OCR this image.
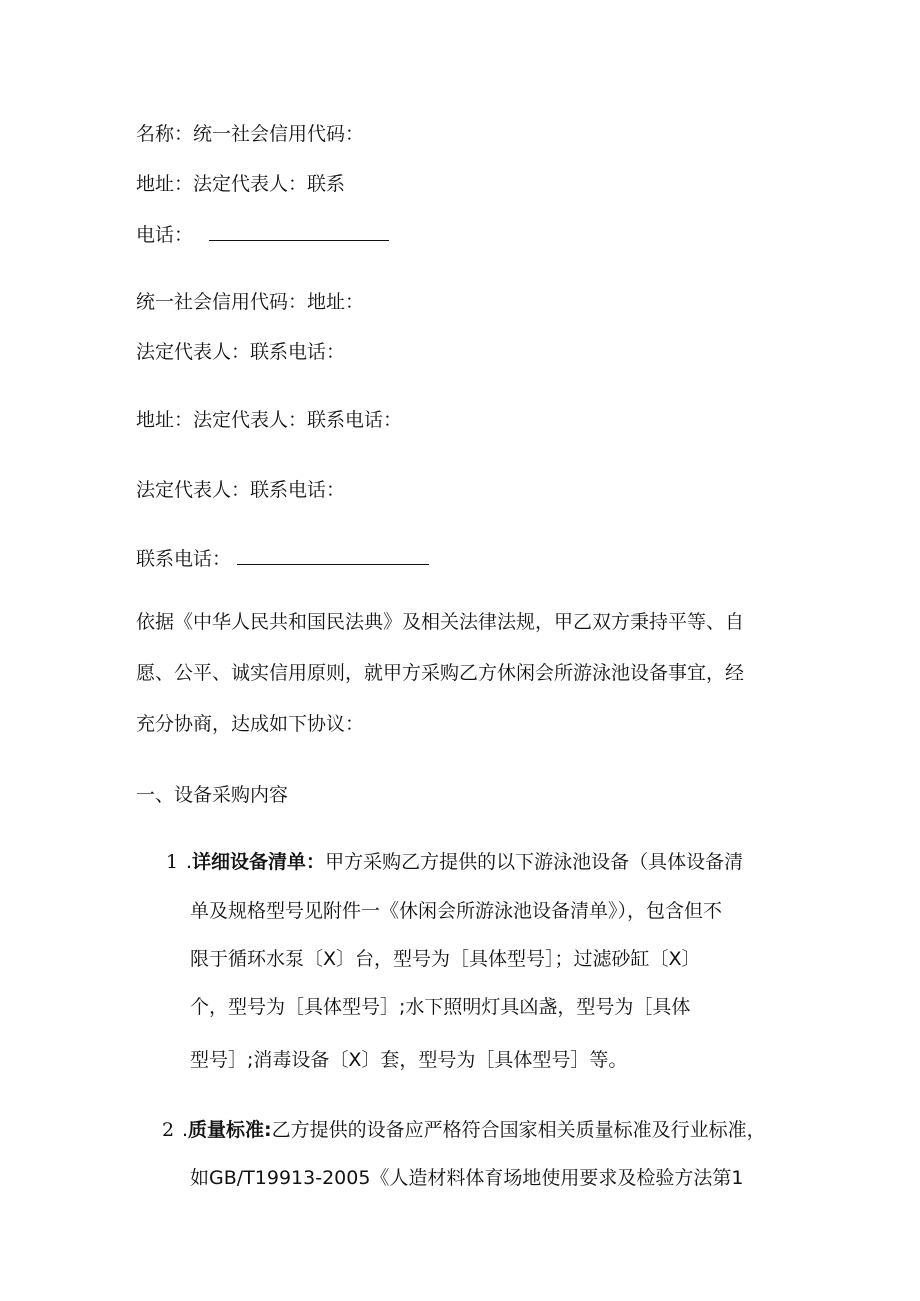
名称：统一社会信用代码：
地址：法定代表人：联系
电话：
统一社会信用代码：地址：
法定代表人：联系电话：
地址：法定代表人：联系电话：
法定代表人：联系电话：
联系电话：
依据《中华人民共和国民法典》及相关法律法规，甲乙双方秉持平等、自
愿、公平、诚实信用原则，就甲方采购乙方休闲会所游泳池设备事宜，经
充分协商，达成如下协议：
一、设备采购内容
1 .详细设备清单：甲方采购乙方提供的以下游泳池设备（具体设备清
单及规格型号见附件一《休闲会所游泳池设备清单》），包含但不
限于循环水泵〔X〕台，型号为［具体型号］；过滤砂缸〔X〕
个，型号为［具体型号］;水下照明灯具凶盏，型号为［具体
型号］;消毒设备〔X〕套，型号为［具体型号］等。
2 .质量标准:乙方提供的设备应严格符合国家相关质量标准及行业标准，
如GB/T19913-2005《人造材料体育场地使用要求及检验方法第1
